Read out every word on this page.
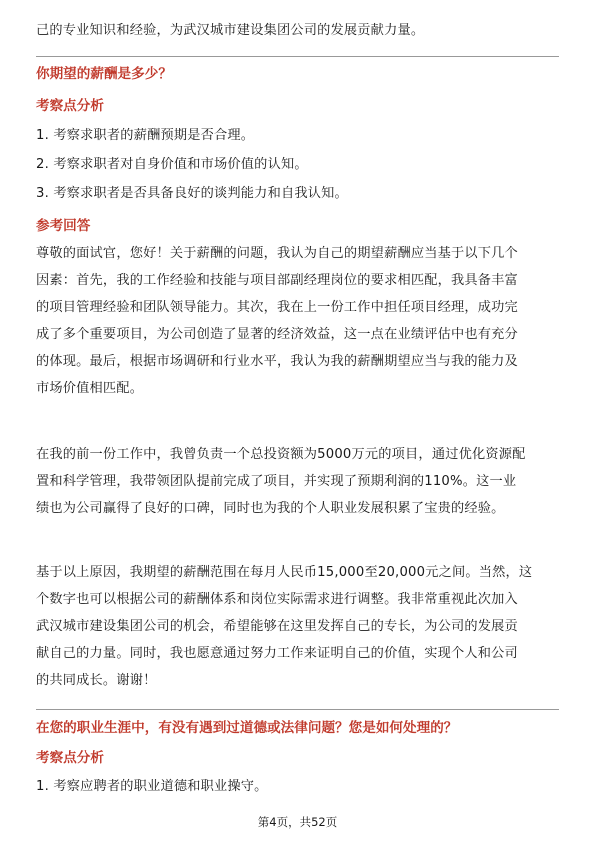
己的专业知识和经验，为武汉城市建设集团公司的发展贡献力量。
你期望的薪酬是多少？
考察点分析
1. 考察求职者的薪酬预期是否合理。
2. 考察求职者对自身价值和市场价值的认知。
3. 考察求职者是否具备良好的谈判能力和自我认知。
参考回答
尊敬的面试官，您好！关于薪酬的问题，我认为自己的期望薪酬应当基于以下几个
因素：首先，我的工作经验和技能与项目部副经理岗位的要求相匹配，我具备丰富
的项目管理经验和团队领导能力。其次，我在上一份工作中担任项目经理，成功完
成了多个重要项目，为公司创造了显著的经济效益，这一点在业绩评估中也有充分
的体现。最后，根据市场调研和行业水平，我认为我的薪酬期望应当与我的能力及
市场价值相匹配。
在我的前一份工作中，我曾负责一个总投资额为5000万元的项目，通过优化资源配
置和科学管理，我带领团队提前完成了项目，并实现了预期利润的110%。这一业
绩也为公司赢得了良好的口碑，同时也为我的个人职业发展积累了宝贵的经验。
基于以上原因，我期望的薪酬范围在每月人民币15,000至20,000元之间。当然，这
个数字也可以根据公司的薪酬体系和岗位实际需求进行调整。我非常重视此次加入
武汉城市建设集团公司的机会，希望能够在这里发挥自己的专长，为公司的发展贡
献自己的力量。同时，我也愿意通过努力工作来证明自己的价值，实现个人和公司
的共同成长。谢谢！
在您的职业生涯中，有没有遇到过道德或法律问题？您是如何处理的？
考察点分析
1. 考察应聘者的职业道德和职业操守。
第4页，共52页
